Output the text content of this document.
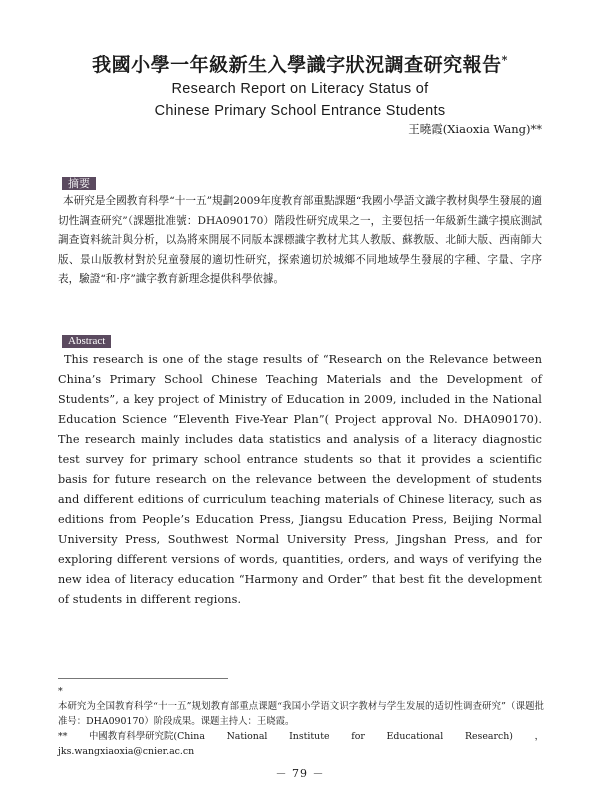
我國小學一年級新生入學識字狀況調查研究報告*
Research Report on Literacy Status of
Chinese Primary School Entrance Students
王曉霞(Xiaoxia Wang)**
摘要
本研究是全國教育科學“十一五”規劃2009年度教育部重點課題“我國小學語文識字教材與學生發展的適切性調查研究”（課題批准號：DHA090170）階段性研究成果之一，主要包括一年級新生識字摸底測試調查資料統計與分析，以為將來開展不同版本課標識字教材尤其人教版、蘇教版、北師大版、西南師大版、景山版教材對於兒童發展的適切性研究，探索適切於城鄉不同地域學生發展的字種、字量、字序表，驗證“和·序”識字教育新理念提供科學依據。
Abstract
This research is one of the stage results of “Research on the Relevance between China’s Primary School Chinese Teaching Materials and the Development of Students”, a key project of Ministry of Education in 2009, included in the National Education Science “Eleventh Five-Year Plan”( Project approval No. DHA090170). The research mainly includes data statistics and analysis of a literacy diagnostic test survey for primary school entrance students so that it provides a scientific basis for future research on the relevance between the development of students and different editions of curriculum teaching materials of Chinese literacy, such as editions from People’s Education Press, Jiangsu Education Press, Beijing Normal University Press, Southwest Normal University Press, Jingshan Press, and for exploring different versions of words, quantities, orders, and ways of verifying the new idea of literacy education “Harmony and Order” that best fit the development of students in different regions.
*
本研究为全国教育科学“十一五”规划教育部重点课题“我国小学语文识字教材与学生发展的适切性调查研究”（课题批准号：DHA090170）阶段成果。课题主持人：王晓霞。
** 中國教育科學研究院(China National Institute for Educational Research) ，
jks.wangxiaoxia@cnier.ac.cn
－ 79 －
